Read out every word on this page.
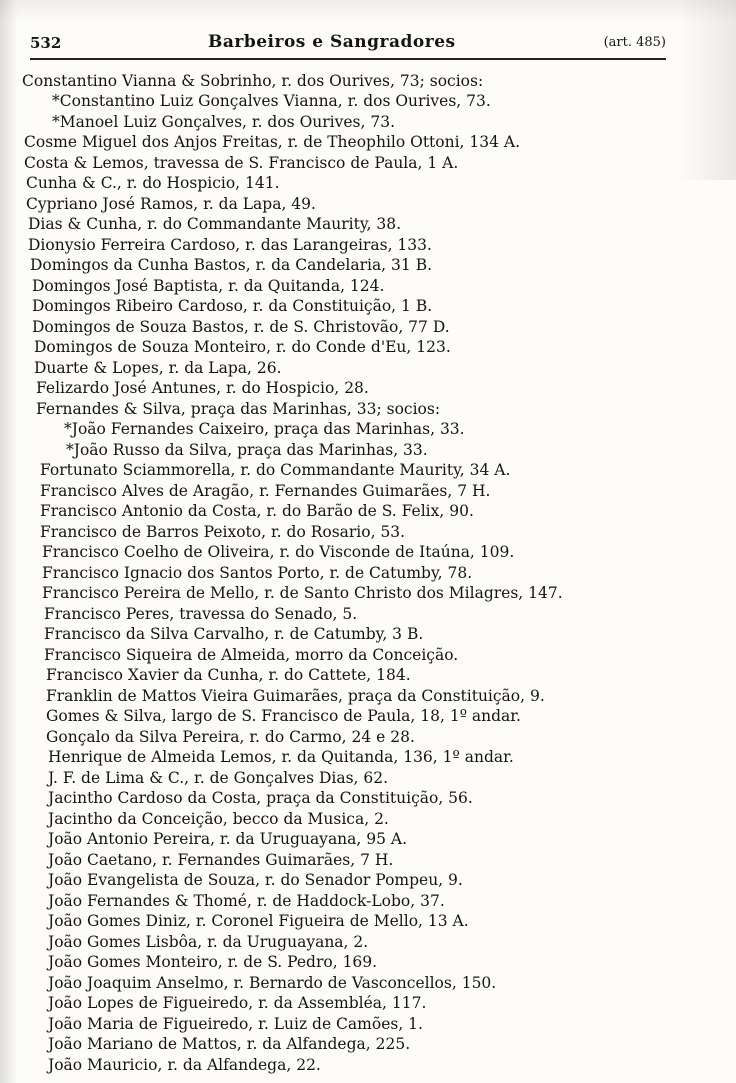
532	Barbeiros e Sangradores	(art. 485)
Constantino Vianna & Sobrinho, r. dos Ourives, 73; socios:
*Constantino Luiz Gonçalves Vianna, r. dos Ourives, 73.
*Manoel Luiz Gonçalves, r. dos Ourives, 73.
Cosme Miguel dos Anjos Freitas, r. de Theophilo Ottoni, 134 A.
Costa & Lemos, travessa de S. Francisco de Paula, 1 A.
Cunha & C., r. do Hospicio, 141.
Cypriano José Ramos, r. da Lapa, 49.
Dias & Cunha, r. do Commandante Maurity, 38.
Dionysio Ferreira Cardoso, r. das Larangeiras, 133.
Domingos da Cunha Bastos, r. da Candelaria, 31 B.
Domingos José Baptista, r. da Quitanda, 124.
Domingos Ribeiro Cardoso, r. da Constituição, 1 B.
Domingos de Souza Bastos, r. de S. Christovão, 77 D.
Domingos de Souza Monteiro, r. do Conde d'Eu, 123.
Duarte & Lopes, r. da Lapa, 26.
Felizardo José Antunes, r. do Hospicio, 28.
Fernandes & Silva, praça das Marinhas, 33; socios:
*João Fernandes Caixeiro, praça das Marinhas, 33.
*João Russo da Silva, praça das Marinhas, 33.
Fortunato Sciammorella, r. do Commandante Maurity, 34 A.
Francisco Alves de Aragão, r. Fernandes Guimarães, 7 H.
Francisco Antonio da Costa, r. do Barão de S. Felix, 90.
Francisco de Barros Peixoto, r. do Rosario, 53.
Francisco Coelho de Oliveira, r. do Visconde de Itaúna, 109.
Francisco Ignacio dos Santos Porto, r. de Catumby, 78.
Francisco Pereira de Mello, r. de Santo Christo dos Milagres, 147.
Francisco Peres, travessa do Senado, 5.
Francisco da Silva Carvalho, r. de Catumby, 3 B.
Francisco Siqueira de Almeida, morro da Conceição.
Francisco Xavier da Cunha, r. do Cattete, 184.
Franklin de Mattos Vieira Guimarães, praça da Constituição, 9.
Gomes & Silva, largo de S. Francisco de Paula, 18, 1º andar.
Gonçalo da Silva Pereira, r. do Carmo, 24 e 28.
Henrique de Almeida Lemos, r. da Quitanda, 136, 1º andar.
J. F. de Lima & C., r. de Gonçalves Dias, 62.
Jacintho Cardoso da Costa, praça da Constituição, 56.
Jacintho da Conceição, becco da Musica, 2.
João Antonio Pereira, r. da Uruguayana, 95 A.
João Caetano, r. Fernandes Guimarães, 7 H.
João Evangelista de Souza, r. do Senador Pompeu, 9.
João Fernandes & Thomé, r. de Haddock-Lobo, 37.
João Gomes Diniz, r. Coronel Figueira de Mello, 13 A.
João Gomes Lisbôa, r. da Uruguayana, 2.
João Gomes Monteiro, r. de S. Pedro, 169.
João Joaquim Anselmo, r. Bernardo de Vasconcellos, 150.
João Lopes de Figueiredo, r. da Assembléa, 117.
João Maria de Figueiredo, r. Luiz de Camões, 1.
João Mariano de Mattos, r. da Alfandega, 225.
João Mauricio, r. da Alfandega, 22.
